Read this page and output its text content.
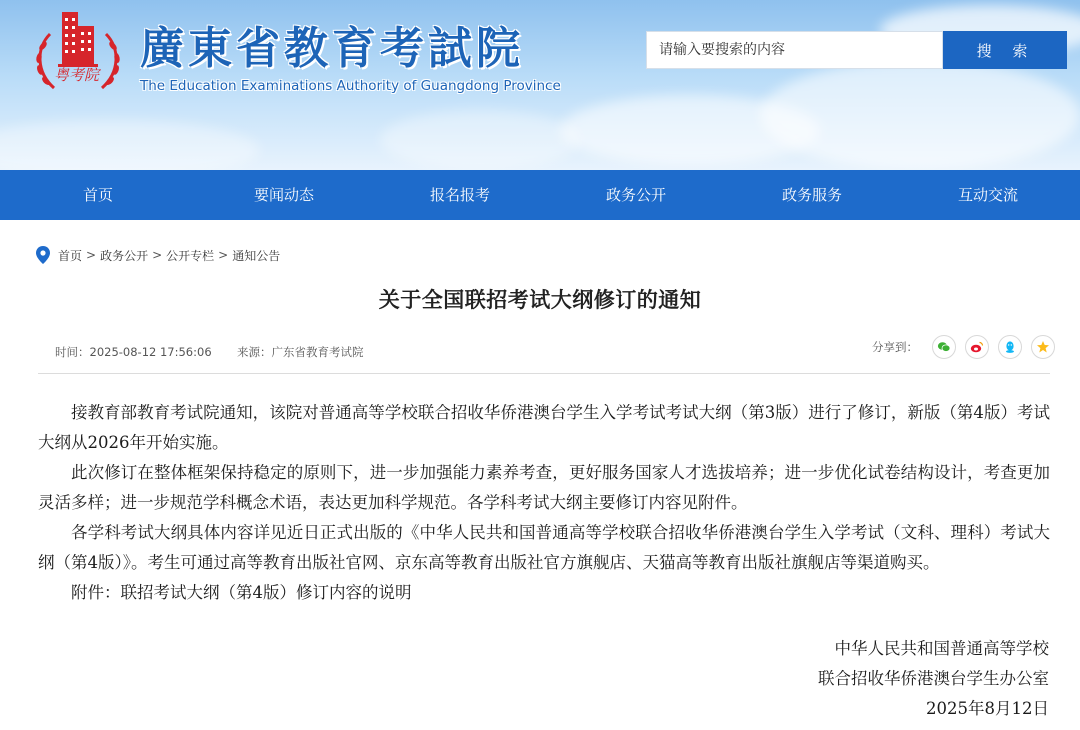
粤考院
廣東省教育考試院
The Education Examinations Authority of Guangdong Province
请输入要搜索的内容
搜 索
首页	要闻动态	报名报考	政务公开	政务服务	互动交流
首页 > 政务公开 > 公开专栏 > 通知公告
关于全国联招考试大纲修订的通知
时间：2025-08-12 17:56:06 来源：广东省教育考试院	分享到：

接教育部教育考试院通知，该院对普通高等学校联合招收华侨港澳台学生入学考试考试大纲（第3版）进行了修订，新版（第4版）考试大纲从2026年开始实施。

此次修订在整体框架保持稳定的原则下，进一步加强能力素养考查，更好服务国家人才选拔培养；进一步优化试卷结构设计，考查更加灵活多样；进一步规范学科概念术语，表达更加科学规范。各学科考试大纲主要修订内容见附件。

各学科考试大纲具体内容详见近日正式出版的《中华人民共和国普通高等学校联合招收华侨港澳台学生入学考试（文科、理科）考试大纲（第4版）》。考生可通过高等教育出版社官网、京东高等教育出版社官方旗舰店、天猫高等教育出版社旗舰店等渠道购买。

附件：联招考试大纲（第4版）修订内容的说明

中华人民共和国普通高等学校
联合招收华侨港澳台学生办公室
2025年8月12日
